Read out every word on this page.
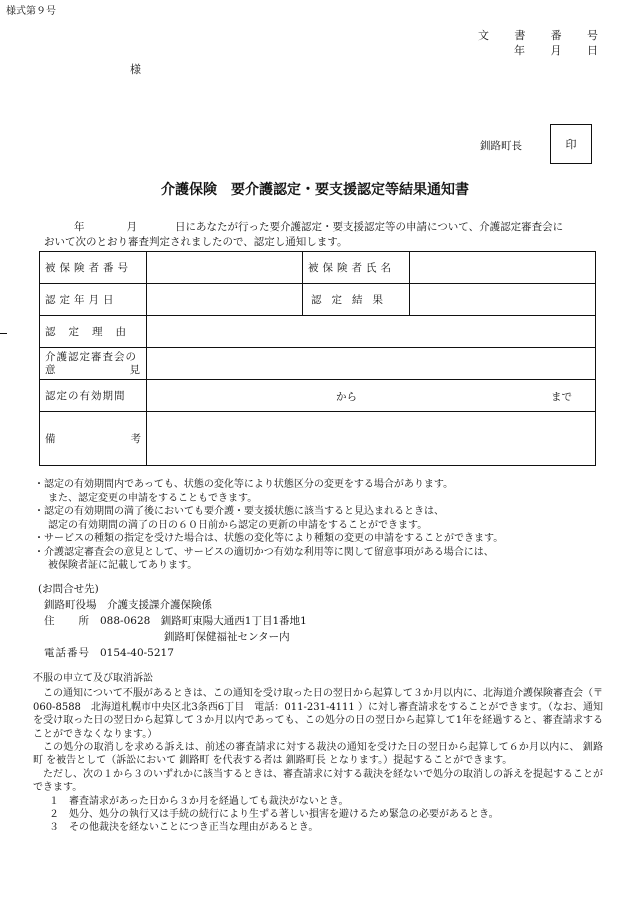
様式第９号
文 書 番 号
年 月 日
様
釧路町長	印
介護保険　要介護認定・要支援認定等結果通知書
年	月	日にあなたが行った要介護認定・要支援認定等の申請について、介護認定審査会に
おいて次のとおり審査判定されましたので、認定し通知します。
被保険者番号		被保険者氏名	
認定年月日		認定結果	
認定理由			
介護認定審査会の
意 見			

認定の有効期間	から まで		

備 考			

・認定の有効期間内であっても、状態の変化等により状態区分の変更をする場合があります。
また、認定変更の申請をすることもできます。
・認定の有効期間の満了後においても要介護・要支援状態に該当すると見込まれるときは、
認定の有効期間の満了の日の６０日前から認定の更新の申請をすることができます。
・サービスの種類の指定を受けた場合は、状態の変化等により種類の変更の申請をすることができます。
・介護認定審査会の意見として、サービスの適切かつ有効な利用等に関して留意事項がある場合には、
被保険者証に記載してあります。
(お問合せ先)
釧路町役場　介護支援課介護保険係
住　　所 088-0628　釧路町東陽大通西1丁目1番地1
釧路町保健福祉センター内
電話番号 0154-40-5217
不服の申立て及び取消訴訟
この通知について不服があるときは、この通知を受け取った日の翌日から起算して３か月以内に、北海道介護保険審査会（〒060-8588　北海道札幌市中央区北3条西6丁目　電話：011-231-4111 ）に対し審査請求をすることができます。（なお、通知を受け取った日の翌日から起算して３か月以内であっても、この処分の日の翌日から起算して1年を経過すると、審査請求することができなくなります。）
この処分の取消しを求める訴えは、前述の審査請求に対する裁決の通知を受けた日の翌日から起算して６か月以内に、 釧路町 を被告として（訴訟において 釧路町 を代表する者は 釧路町長 となります。）提起することができます。
ただし、次の１から３のいずれかに該当するときは、審査請求に対する裁決を経ないで処分の取消しの訴えを提起することができます。
１　審査請求があった日から３か月を経過しても裁決がないとき。
２　処分、処分の執行又は手続の続行により生ずる著しい損害を避けるため緊急の必要があるとき。
３　その他裁決を経ないことにつき正当な理由があるとき。
